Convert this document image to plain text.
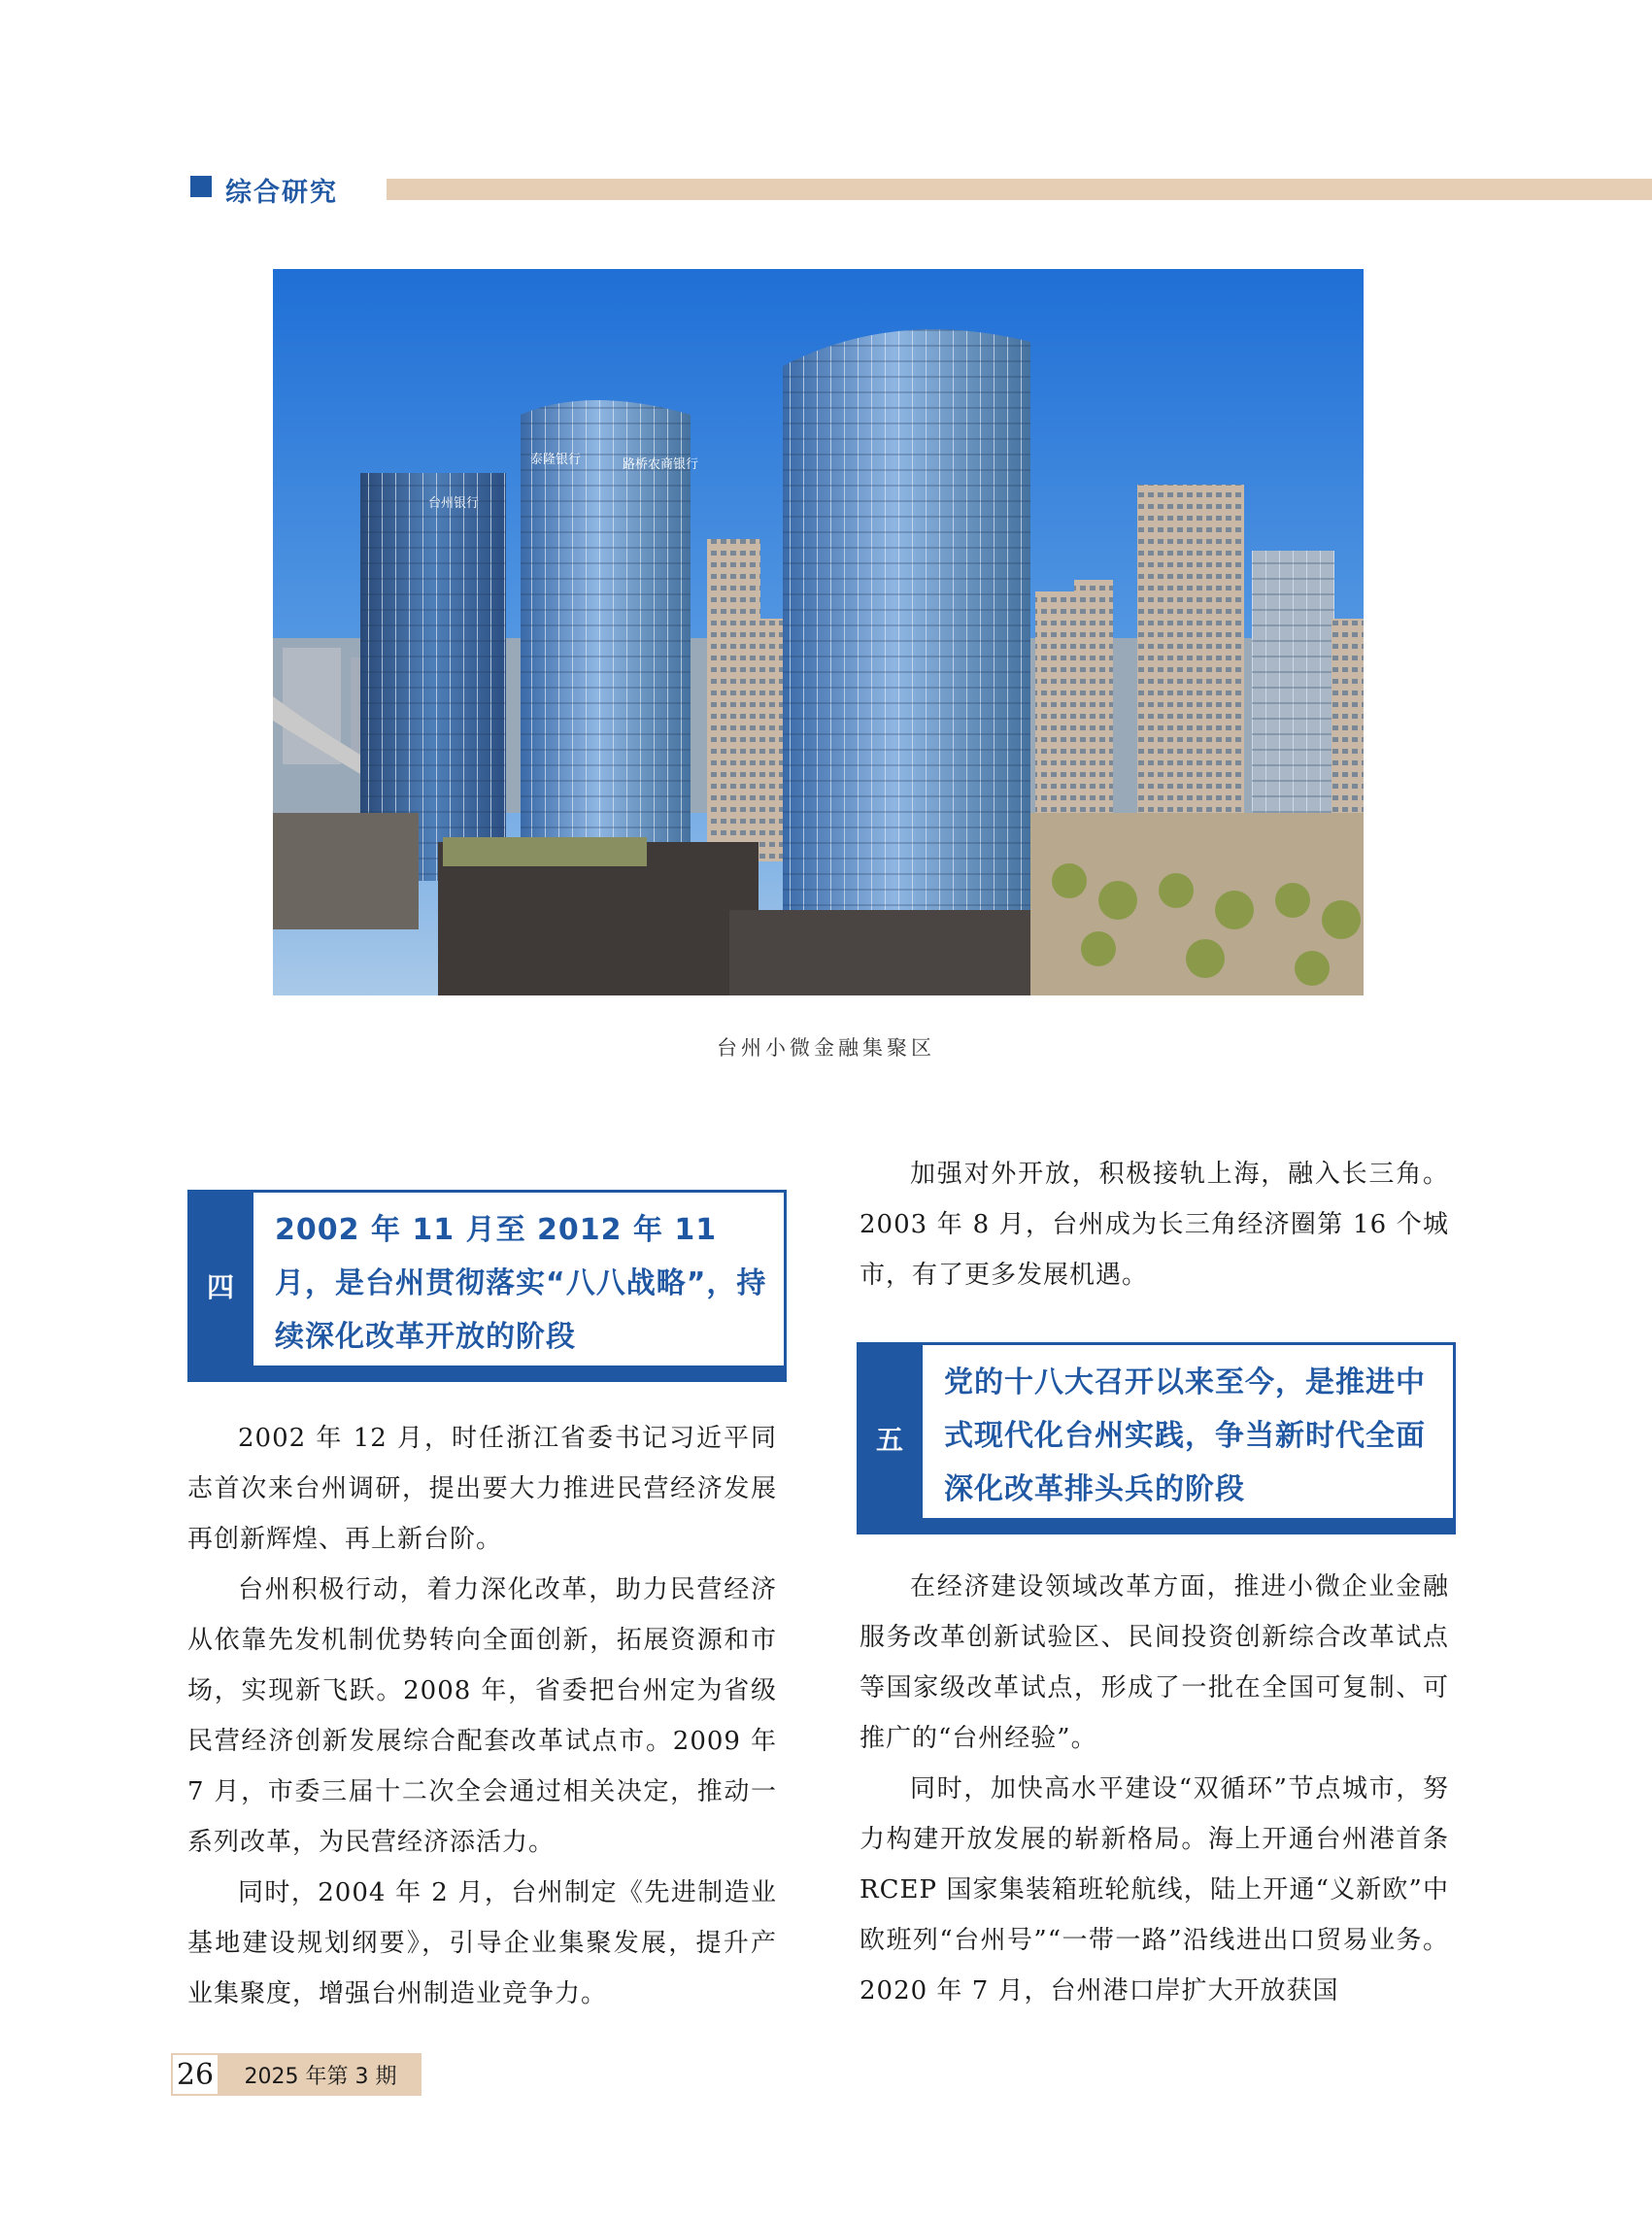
综合研究
台州银行
泰隆银行	路桥农商银行
台州小微金融集聚区
四
2002 年 11 月至 2012 年 11 月，是台州贯彻落实“八八战略”，持续深化改革开放的阶段
2002 年 12 月，时任浙江省委书记习近平同志首次来台州调研，提出要大力推进民营经济发展再创新辉煌、再上新台阶。
台州积极行动，着力深化改革，助力民营经济从依靠先发机制优势转向全面创新，拓展资源和市场，实现新飞跃。2008 年，省委把台州定为省级民营经济创新发展综合配套改革试点市。2009 年 7 月，市委三届十二次全会通过相关决定，推动一系列改革，为民营经济添活力。
同时，2004 年 2 月，台州制定《先进制造业基地建设规划纲要》，引导企业集聚发展，提升产业集聚度，增强台州制造业竞争力。
加强对外开放，积极接轨上海，融入长三角。2003 年 8 月，台州成为长三角经济圈第 16 个城市，有了更多发展机遇。
五
党的十八大召开以来至今，是推进中式现代化台州实践，争当新时代全面深化改革排头兵的阶段
在经济建设领域改革方面，推进小微企业金融服务改革创新试验区、民间投资创新综合改革试点等国家级改革试点，形成了一批在全国可复制、可推广的“台州经验”。
同时，加快高水平建设“双循环”节点城市，努力构建开放发展的崭新格局。海上开通台州港首条 RCEP 国家集装箱班轮航线，陆上开通“义新欧”中欧班列“台州号”“一带一路”沿线进出口贸易业务。2020 年 7 月，台州港口岸扩大开放获国
26	2025 年第 3 期
